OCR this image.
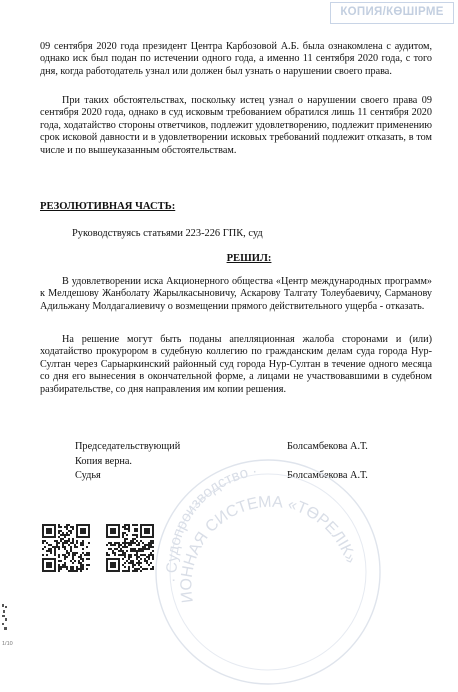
КОПИЯ/КӨШІРМЕ

09 сентября 2020 года президент Центра Карбозовой А.Б. была ознакомлена с аудитом, однако иск был подан по истечении одного года, а именно 11 сентября 2020 года, с того дня, когда работодатель узнал или должен был узнать о нарушении своего права.

При таких обстоятельствах, поскольку истец узнал о нарушении своего права 09 сентября 2020 года, однако в суд исковым требованием обратился лишь 11 сентября 2020 года, ходатайство стороны ответчиков, подлежит удовлетворению, подлежит применению срок исковой давности и в удовлетворении исковых требований подлежит отказать, в том числе и по вышеуказанным обстоятельствам.

РЕЗОЛЮТИВНАЯ ЧАСТЬ:
Руководствуясь статьями 223-226 ГПК, суд
РЕШИЛ:

В удовлетворении иска Акционерного общества «Центр международных программ» к Мелдешову Жанболату Жарылкасыновичу, Аскарову Талгату Толеубаевичу, Сарманову Адильжану Молдагалиевичу о возмещении прямого действительного ущерба - отказать.

На решение могут быть поданы апелляционная жалоба сторонами и (или) ходатайство прокурором в судебную коллегию по гражданским делам суда города Нур-Султан через Сарыаркинский районный суд города Нур-Султан в течение одного месяца со дня его вынесения в окончательной форме, а лицами не участвовавшими в судебном разбирательстве, со дня направления им копии решения.

Председательствующий	Болсамбекова А.Т.
Копия верна.
Судья	Болсамбекова А.Т.
· Судопроизводство ·
ИОННАЯ СИСТЕМА «ТӨРЕЛІК»
1/10
